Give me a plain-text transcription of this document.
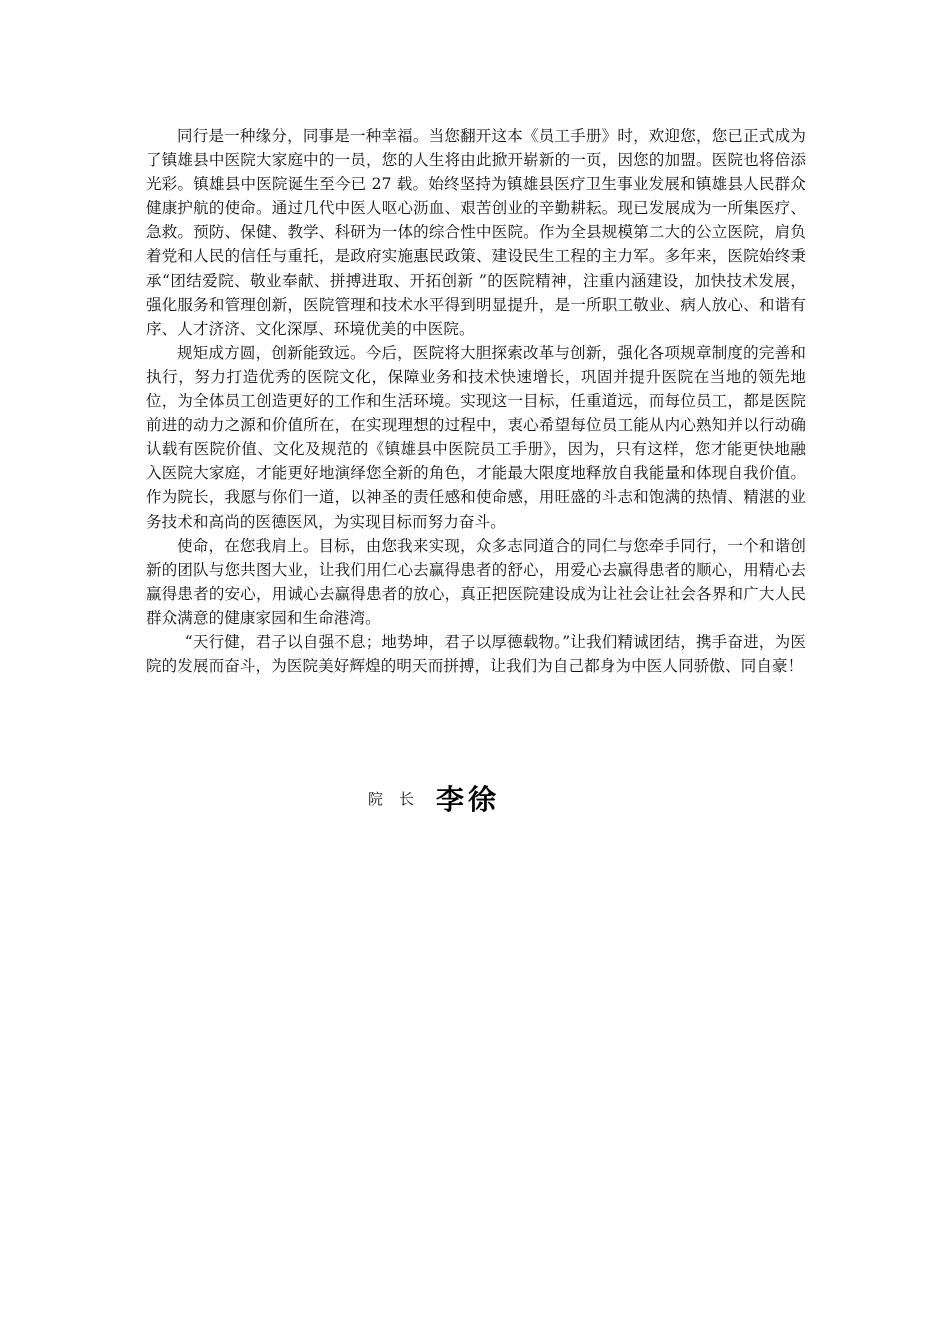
同行是一种缘分，同事是一种幸福。当您翻开这本《员工手册》时，欢迎您，您已正式成为了镇雄县中医院大家庭中的一员，您的人生将由此掀开崭新的一页，因您的加盟。医院也将倍添光彩。镇雄县中医院诞生至今已 27 载。始终坚持为镇雄县医疗卫生事业发展和镇雄县人民群众健康护航的使命。通过几代中医人呕心沥血、艰苦创业的辛勤耕耘。现已发展成为一所集医疗、急救。预防、保健、教学、科研为一体的综合性中医院。作为全县规模第二大的公立医院，肩负着党和人民的信任与重托，是政府实施惠民政策、建设民生工程的主力军。多年来，医院始终秉承“团结爱院、敬业奉献、拼搏进取、开拓创新 ”的医院精神，注重内涵建设，加快技术发展，强化服务和管理创新，医院管理和技术水平得到明显提升，是一所职工敬业、病人放心、和谐有序、人才济济、文化深厚、环境优美的中医院。

规矩成方圆，创新能致远。今后，医院将大胆探索改革与创新，强化各项规章制度的完善和执行，努力打造优秀的医院文化，保障业务和技术快速增长，巩固并提升医院在当地的领先地位，为全体员工创造更好的工作和生活环境。实现这一目标，任重道远，而每位员工，都是医院前进的动力之源和价值所在，在实现理想的过程中，衷心希望每位员工能从内心熟知并以行动确认载有医院价值、文化及规范的《镇雄县中医院员工手册》，因为，只有这样，您才能更快地融入医院大家庭，才能更好地演绎您全新的角色，才能最大限度地释放自我能量和体现自我价值。作为院长，我愿与你们一道，以神圣的责任感和使命感，用旺盛的斗志和饱满的热情、精湛的业务技术和高尚的医德医风，为实现目标而努力奋斗。

使命，在您我肩上。目标，由您我来实现，众多志同道合的同仁与您牵手同行，一个和谐创新的团队与您共图大业，让我们用仁心去赢得患者的舒心，用爱心去赢得患者的顺心，用精心去赢得患者的安心，用诚心去赢得患者的放心，真正把医院建设成为让社会让社会各界和广大人民群众满意的健康家园和生命港湾。

“天行健，君子以自强不息；地势坤，君子以厚德载物。”让我们精诚团结，携手奋进，为医院的发展而奋斗，为医院美好辉煌的明天而拼搏，让我们为自己都身为中医人同骄傲、同自豪！

院长 李徐
